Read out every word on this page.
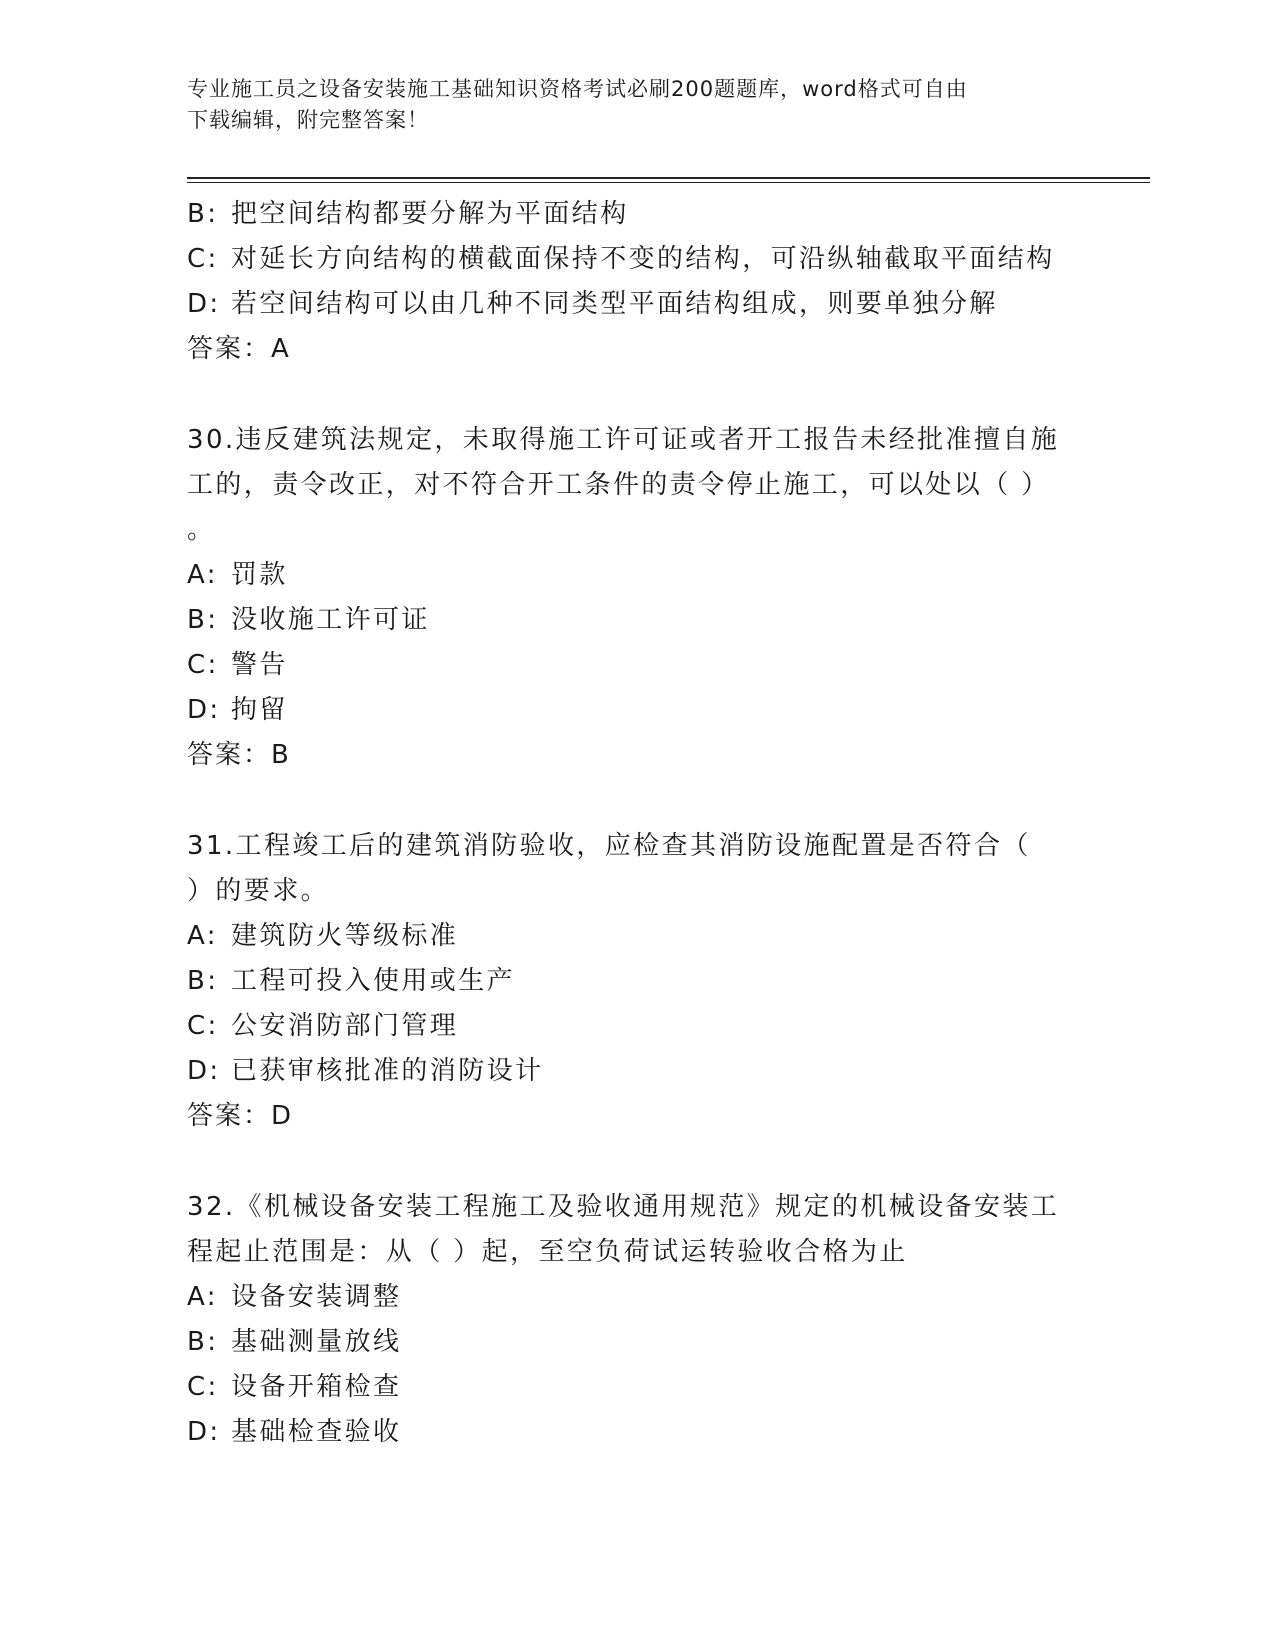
专业施工员之设备安装施工基础知识资格考试必刷200题题库，word格式可自由
下载编辑，附完整答案！
B: 把空间结构都要分解为平面结构
C: 对延长方向结构的横截面保持不变的结构，可沿纵轴截取平面结构
D: 若空间结构可以由几种不同类型平面结构组成，则要单独分解
答案：A
30.违反建筑法规定，未取得施工许可证或者开工报告未经批准擅自施
工的，责令改正，对不符合开工条件的责令停止施工，可以处以（ ）
。
A: 罚款
B: 没收施工许可证
C: 警告
D: 拘留
答案：B
31.工程竣工后的建筑消防验收，应检查其消防设施配置是否符合（
）的要求。
A: 建筑防火等级标准
B: 工程可投入使用或生产
C: 公安消防部门管理
D: 已获审核批准的消防设计
答案：D
32.《机械设备安装工程施工及验收通用规范》规定的机械设备安装工
程起止范围是：从（ ）起，至空负荷试运转验收合格为止
A: 设备安装调整
B: 基础测量放线
C: 设备开箱检查
D: 基础检查验收
